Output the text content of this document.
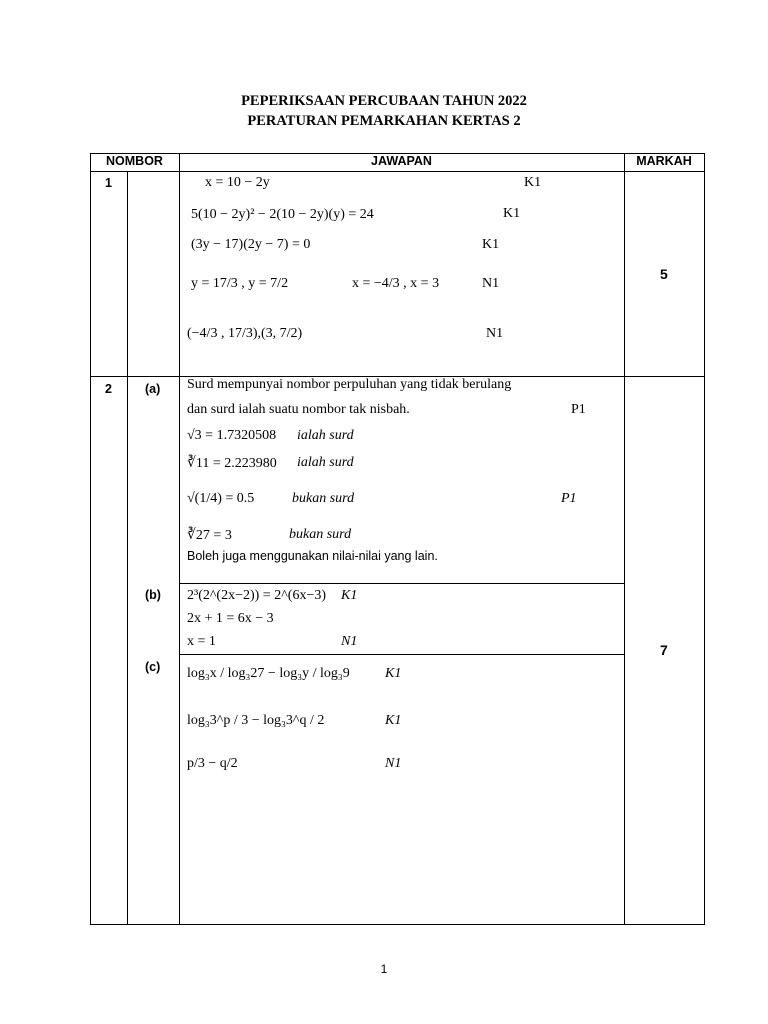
PEPERIKSAAN PERCUBAAN TAHUN 2022
PERATURAN PEMARKAHAN KERTAS 2
NOMBOR	JAWAPAN	MARKAH
1	x = 10 − 2y	K1
5(10 − 2y)² − 2(10 − 2y)(y) = 24	K1
(3y − 17)(2y − 7) = 0	K1
y = 17/3 , y = 7/2	x = −4/3 , x = 3	N1
(−4/3 , 17/3),(3, 7/2)	N1
5
2	(a) Surd mempunyai nombor perpuluhan yang tidak berulang
dan surd ialah suatu nombor tak nisbah.	P1
√3 = 1.7320508 ialah surd
∛11 = 2.223980 ialah surd
√(1/4) = 0.5	bukan surd	P1
∛27 = 3	bukan surd
Boleh juga menggunakan nilai-nilai yang lain.
(b) 2³(2^(2x−2)) = 2^(6x−3) K1
2x + 1 = 6x − 3
x = 1	N1
(c) log₃x / log₃27 − log₃y / log₃9	K1
log₃3^p / 3 − log₃3^q / 2	K1
p/3 − q/2	N1
7
1
